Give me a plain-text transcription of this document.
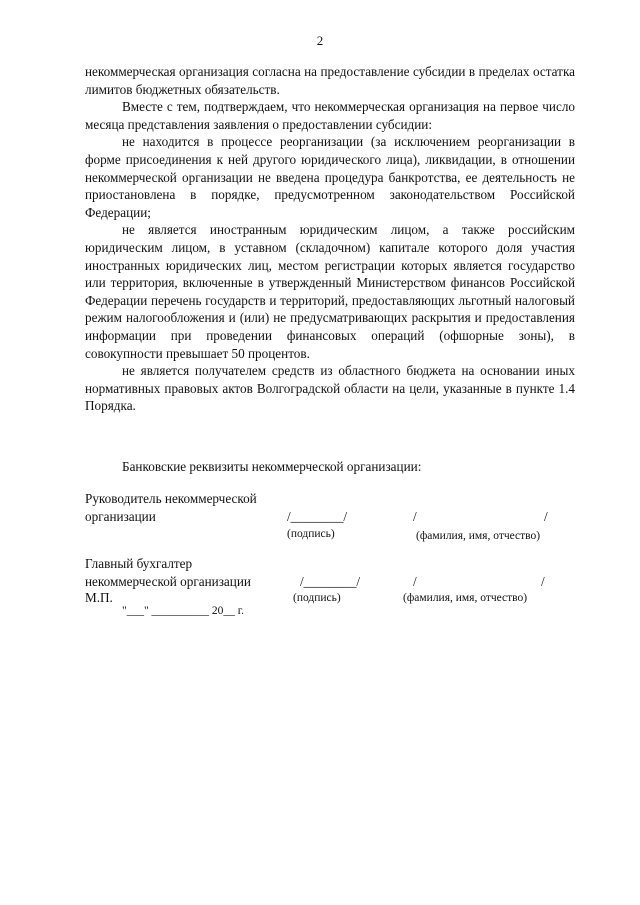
2

некоммерческая организация согласна на предоставление субсидии в пределах остатка лимитов бюджетных обязательств.

Вместе с тем, подтверждаем, что некоммерческая организация на первое число месяца представления заявления о предоставлении субсидии:

не находится в процессе реорганизации (за исключением реорганизации в форме присоединения к ней другого юридического лица), ликвидации, в отношении некоммерческой организации не введена процедура банкротства, ее деятельность не приостановлена в порядке, предусмотренном законодательством Российской Федерации;

не является иностранным юридическим лицом, а также российским юридическим лицом, в уставном (складочном) капитале которого доля участия иностранных юридических лиц, местом регистрации которых является государство или территория, включенные в утвержденный Министерством финансов Российской Федерации перечень государств и территорий, предоставляющих льготный налоговый режим налогообложения и (или) не предусматривающих раскрытия и предоставления информации при проведении финансовых операций (офшорные зоны), в совокупности превышает 50 процентов.

не является получателем средств из областного бюджета на основании иных нормативных правовых актов Волгоградской области на цели, указанные в пункте 1.4 Порядка.

Банковские реквизиты некоммерческой организации:
Руководитель некоммерческой
организации	/________/	/	/
(подпись)	(фамилия, имя, отчество)
Главный бухгалтер
некоммерческой организации	/________/	/	/
М.П.	(подпись)	(фамилия, имя, отчество)
"___" __________ 20__ г.
